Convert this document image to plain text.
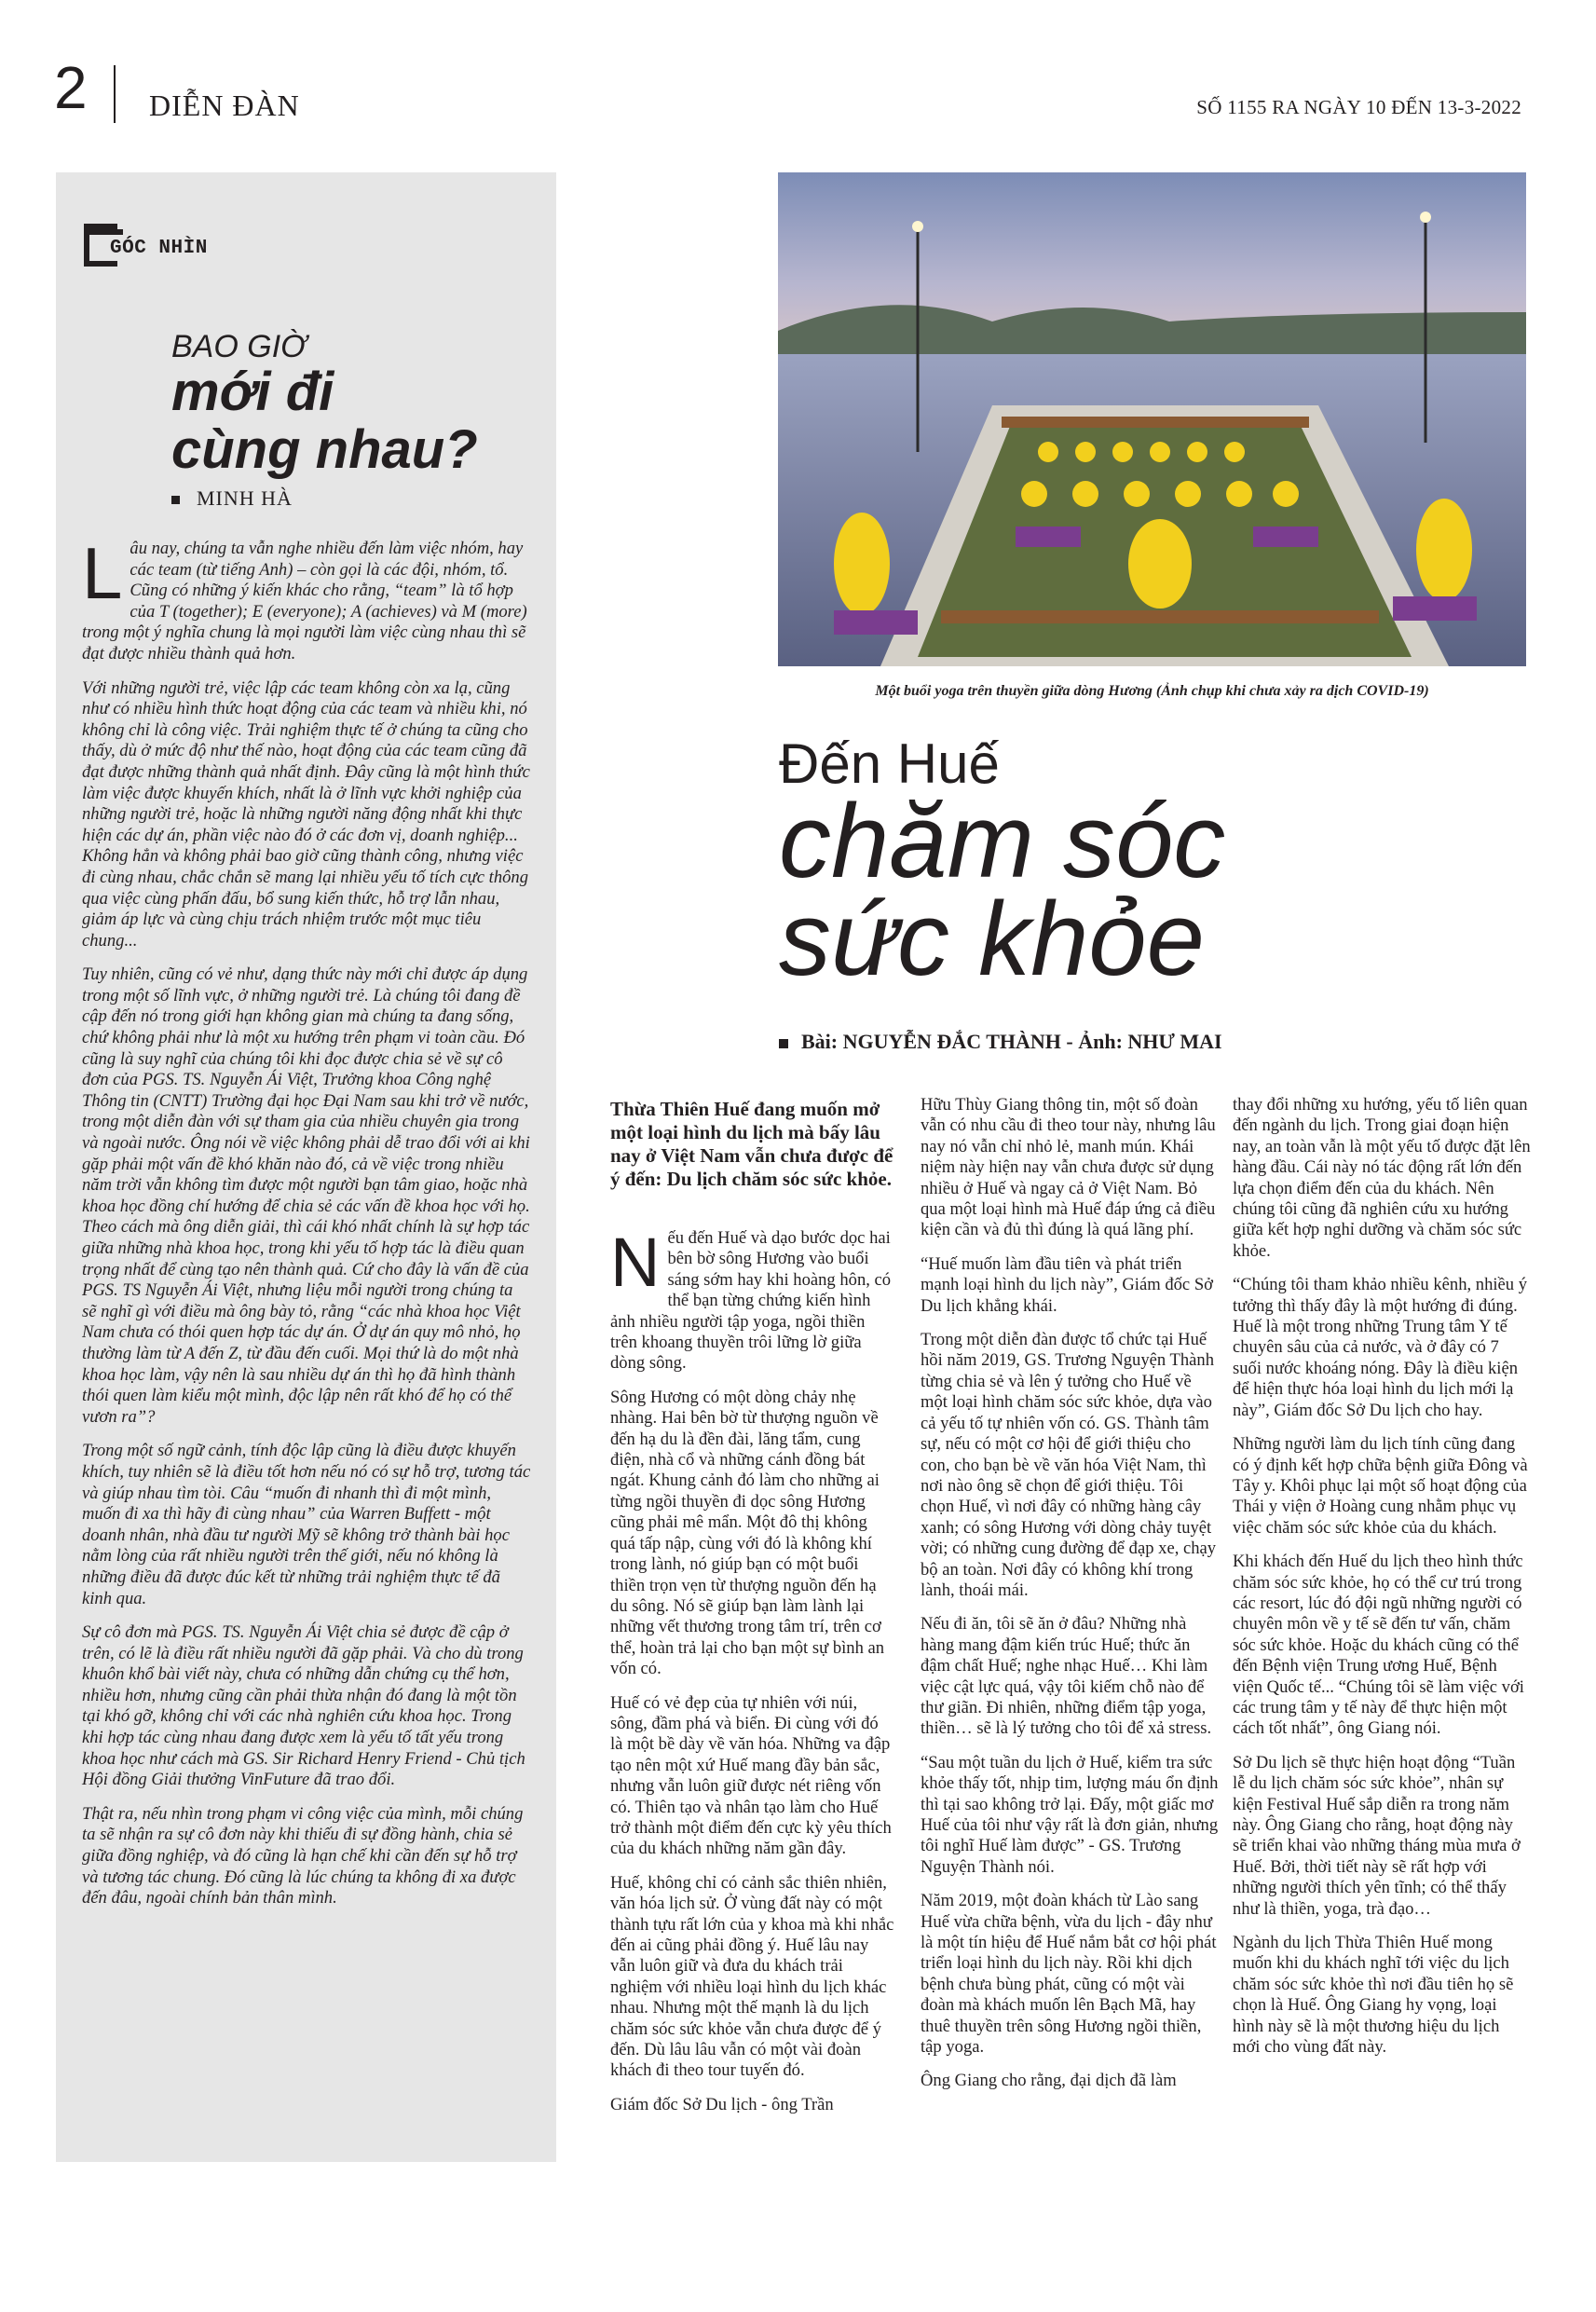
2 DIỄN ĐÀN	SỐ 1155 RA NGÀY 10 ĐẾN 13-3-2022
GÓC NHÌN
BAO GIỜ
mới đi
cùng nhau?
MINH HÀ

Lâu nay, chúng ta vẫn nghe nhiều đến làm việc nhóm, hay các team (từ tiếng Anh) – còn gọi là các đội, nhóm, tổ. Cũng có những ý kiến khác cho rằng, “team” là tổ hợp của T (together); E (everyone); A (achieves) và M (more) trong một ý nghĩa chung là mọi người làm việc cùng nhau thì sẽ đạt được nhiều thành quả hơn.

Với những người trẻ, việc lập các team không còn xa lạ, cũng như có nhiều hình thức hoạt động của các team và nhiều khi, nó không chỉ là công việc. Trải nghiệm thực tế ở chúng ta cũng cho thấy, dù ở mức độ như thế nào, hoạt động của các team cũng đã đạt được những thành quả nhất định. Đây cũng là một hình thức làm việc được khuyến khích, nhất là ở lĩnh vực khởi nghiệp của những người trẻ, hoặc là những người năng động nhất khi thực hiện các dự án, phần việc nào đó ở các đơn vị, doanh nghiệp... Không hẳn và không phải bao giờ cũng thành công, nhưng việc đi cùng nhau, chắc chắn sẽ mang lại nhiều yếu tố tích cực thông qua việc cùng phấn đấu, bổ sung kiến thức, hỗ trợ lẫn nhau, giảm áp lực và cùng chịu trách nhiệm trước một mục tiêu chung...

Tuy nhiên, cũng có vẻ như, dạng thức này mới chỉ được áp dụng trong một số lĩnh vực, ở những người trẻ. Là chúng tôi đang đề cập đến nó trong giới hạn không gian mà chúng ta đang sống, chứ không phải như là một xu hướng trên phạm vi toàn cầu. Đó cũng là suy nghĩ của chúng tôi khi đọc được chia sẻ về sự cô đơn của PGS. TS. Nguyễn Ái Việt, Trưởng khoa Công nghệ Thông tin (CNTT) Trường đại học Đại Nam sau khi trở về nước, trong một diễn đàn với sự tham gia của nhiều chuyên gia trong và ngoài nước. Ông nói về việc không phải dễ trao đổi với ai khi gặp phải một vấn đề khó khăn nào đó, cả về việc trong nhiều năm trời vẫn không tìm được một người bạn tâm giao, hoặc nhà khoa học đồng chí hướng để chia sẻ các vấn đề khoa học với họ. Theo cách mà ông diễn giải, thì cái khó nhất chính là sự hợp tác giữa những nhà khoa học, trong khi yếu tố hợp tác là điều quan trọng nhất để cùng tạo nên thành quả. Cứ cho đây là vấn đề của PGS. TS Nguyễn Ái Việt, nhưng liệu mỗi người trong chúng ta sẽ nghĩ gì với điều mà ông bày tỏ, rằng “các nhà khoa học Việt Nam chưa có thói quen hợp tác dự án. Ở dự án quy mô nhỏ, họ thường làm từ A đến Z, từ đầu đến cuối. Mọi thứ là do một nhà khoa học làm, vậy nên là sau nhiều dự án thì họ đã hình thành thói quen làm kiểu một mình, độc lập nên rất khó để họ có thể vươn ra”?

Trong một số ngữ cảnh, tính độc lập cũng là điều được khuyến khích, tuy nhiên sẽ là điều tốt hơn nếu nó có sự hỗ trợ, tương tác và giúp nhau tìm tòi. Câu “muốn đi nhanh thì đi một mình, muốn đi xa thì hãy đi cùng nhau” của Warren Buffett - một doanh nhân, nhà đầu tư người Mỹ sẽ không trở thành bài học nằm lòng của rất nhiều người trên thế giới, nếu nó không là những điều đã được đúc kết từ những trải nghiệm thực tế đã kinh qua.

Sự cô đơn mà PGS. TS. Nguyễn Ái Việt chia sẻ được đề cập ở trên, có lẽ là điều rất nhiều người đã gặp phải. Và cho dù trong khuôn khổ bài viết này, chưa có những dẫn chứng cụ thể hơn, nhiều hơn, nhưng cũng cần phải thừa nhận đó đang là một tồn tại khó gỡ, không chỉ với các nhà nghiên cứu khoa học. Trong khi hợp tác cùng nhau đang được xem là yếu tố tất yếu trong khoa học như cách mà GS. Sir Richard Henry Friend - Chủ tịch Hội đồng Giải thưởng VinFuture đã trao đổi.

Thật ra, nếu nhìn trong phạm vi công việc của mình, mỗi chúng ta sẽ nhận ra sự cô đơn này khi thiếu đi sự đồng hành, chia sẻ giữa đồng nghiệp, và đó cũng là hạn chế khi cần đến sự hỗ trợ và tương tác chung. Đó cũng là lúc chúng ta không đi xa được đến đâu, ngoài chính bản thân mình.

Một buổi yoga trên thuyền giữa dòng Hương (Ảnh chụp khi chưa xảy ra dịch COVID-19)
Đến Huế
chăm sóc
sức khỏe
Bài: NGUYỄN ĐẮC THÀNH - Ảnh: NHƯ MAI

Thừa Thiên Huế đang muốn mở một loại hình du lịch mà bấy lâu nay ở Việt Nam vẫn chưa được để ý đến: Du lịch chăm sóc sức khỏe.

Nếu đến Huế và dạo bước dọc hai bên bờ sông Hương vào buổi sáng sớm hay khi hoàng hôn, có thể bạn từng chứng kiến hình ảnh nhiều người tập yoga, ngồi thiền trên khoang thuyền trôi lững lờ giữa dòng sông.

Sông Hương có một dòng chảy nhẹ nhàng. Hai bên bờ từ thượng nguồn về đến hạ du là đền đài, lăng tẩm, cung điện, nhà cổ và những cánh đồng bát ngát. Khung cảnh đó làm cho những ai từng ngồi thuyền đi dọc sông Hương cũng phải mê mẩn. Một đô thị không quá tấp nập, cùng với đó là không khí trong lành, nó giúp bạn có một buổi thiền trọn vẹn từ thượng nguồn đến hạ du sông. Nó sẽ giúp bạn làm lành lại những vết thương trong tâm trí, trên cơ thể, hoàn trả lại cho bạn một sự bình an vốn có.

Huế có vẻ đẹp của tự nhiên với núi, sông, đầm phá và biển. Đi cùng với đó là một bề dày về văn hóa. Những va đập tạo nên một xứ Huế mang đầy bản sắc, nhưng vẫn luôn giữ được nét riêng vốn có. Thiên tạo và nhân tạo làm cho Huế trở thành một điểm đến cực kỳ yêu thích của du khách những năm gần đây.

Huế, không chỉ có cảnh sắc thiên nhiên, văn hóa lịch sử. Ở vùng đất này có một thành tựu rất lớn của y khoa mà khi nhắc đến ai cũng phải đồng ý. Huế lâu nay vẫn luôn giữ và đưa du khách trải nghiệm với nhiều loại hình du lịch khác nhau. Nhưng một thế mạnh là du lịch chăm sóc sức khỏe vẫn chưa được để ý đến. Dù lâu lâu vẫn có một vài đoàn khách đi theo tour tuyến đó.

Giám đốc Sở Du lịch - ông Trần

Hữu Thùy Giang thông tin, một số đoàn vẫn có nhu cầu đi theo tour này, nhưng lâu nay nó vẫn chỉ nhỏ lẻ, manh mún. Khái niệm này hiện nay vẫn chưa được sử dụng nhiều ở Huế và ngay cả ở Việt Nam. Bỏ qua một loại hình mà Huế đáp ứng cả điều kiện cần và đủ thì đúng là quá lãng phí.

“Huế muốn làm đầu tiên và phát triển mạnh loại hình du lịch này”, Giám đốc Sở Du lịch khẳng khái.

Trong một diễn đàn được tổ chức tại Huế hồi năm 2019, GS. Trương Nguyện Thành từng chia sẻ và lên ý tưởng cho Huế về một loại hình chăm sóc sức khỏe, dựa vào cả yếu tố tự nhiên vốn có. GS. Thành tâm sự, nếu có một cơ hội để giới thiệu cho con, cho bạn bè về văn hóa Việt Nam, thì nơi nào ông sẽ chọn để giới thiệu. Tôi chọn Huế, vì nơi đây có những hàng cây xanh; có sông Hương với dòng chảy tuyệt vời; có những cung đường để đạp xe, chạy bộ an toàn. Nơi đây có không khí trong lành, thoái mái.

Nếu đi ăn, tôi sẽ ăn ở đâu? Những nhà hàng mang đậm kiến trúc Huế; thức ăn đậm chất Huế; nghe nhạc Huế… Khi làm việc cật lực quá, vậy tôi kiếm chỗ nào để thư giãn. Đi nhiên, những điểm tập yoga, thiền… sẽ là lý tưởng cho tôi để xả stress.

“Sau một tuần du lịch ở Huế, kiểm tra sức khỏe thấy tốt, nhịp tim, lượng máu ổn định thì tại sao không trở lại. Đấy, một giấc mơ Huế của tôi như vậy rất là đơn giản, nhưng tôi nghĩ Huế làm được” - GS. Trương Nguyện Thành nói.

Năm 2019, một đoàn khách từ Lào sang Huế vừa chữa bệnh, vừa du lịch - đây như là một tín hiệu để Huế nắm bắt cơ hội phát triển loại hình du lịch này. Rồi khi dịch bệnh chưa bùng phát, cũng có một vài đoàn mà khách muốn lên Bạch Mã, hay thuê thuyền trên sông Hương ngồi thiền, tập yoga.

Ông Giang cho rằng, đại dịch đã làm

thay đổi những xu hướng, yếu tố liên quan đến ngành du lịch. Trong giai đoạn hiện nay, an toàn vẫn là một yếu tố được đặt lên hàng đầu. Cái này nó tác động rất lớn đến lựa chọn điểm đến của du khách. Nên chúng tôi cũng đã nghiên cứu xu hướng giữa kết hợp nghỉ dưỡng và chăm sóc sức khỏe.

“Chúng tôi tham khảo nhiều kênh, nhiều ý tưởng thì thấy đây là một hướng đi đúng. Huế là một trong những Trung tâm Y tế chuyên sâu của cả nước, và ở đây có 7 suối nước khoáng nóng. Đây là điều kiện để hiện thực hóa loại hình du lịch mới lạ này”, Giám đốc Sở Du lịch cho hay.

Những người làm du lịch tính cũng đang có ý định kết hợp chữa bệnh giữa Đông và Tây y. Khôi phục lại một số hoạt động của Thái y viện ở Hoàng cung nhằm phục vụ việc chăm sóc sức khỏe của du khách.

Khi khách đến Huế du lịch theo hình thức chăm sóc sức khỏe, họ có thể cư trú trong các resort, lúc đó đội ngũ những người có chuyên môn về y tế sẽ đến tư vấn, chăm sóc sức khỏe. Hoặc du khách cũng có thể đến Bệnh viện Trung ương Huế, Bệnh viện Quốc tế... “Chúng tôi sẽ làm việc với các trung tâm y tế này để thực hiện một cách tốt nhất”, ông Giang nói.

Sở Du lịch sẽ thực hiện hoạt động “Tuần lễ du lịch chăm sóc sức khỏe”, nhân sự kiện Festival Huế sắp diễn ra trong năm này. Ông Giang cho rằng, hoạt động này sẽ triển khai vào những tháng mùa mưa ở Huế. Bởi, thời tiết này sẽ rất hợp với những người thích yên tĩnh; có thể thấy như là thiền, yoga, trà đạo…

Ngành du lịch Thừa Thiên Huế mong muốn khi du khách nghĩ tới việc du lịch chăm sóc sức khỏe thì nơi đầu tiên họ sẽ chọn là Huế. Ông Giang hy vọng, loại hình này sẽ là một thương hiệu du lịch mới cho vùng đất này.
